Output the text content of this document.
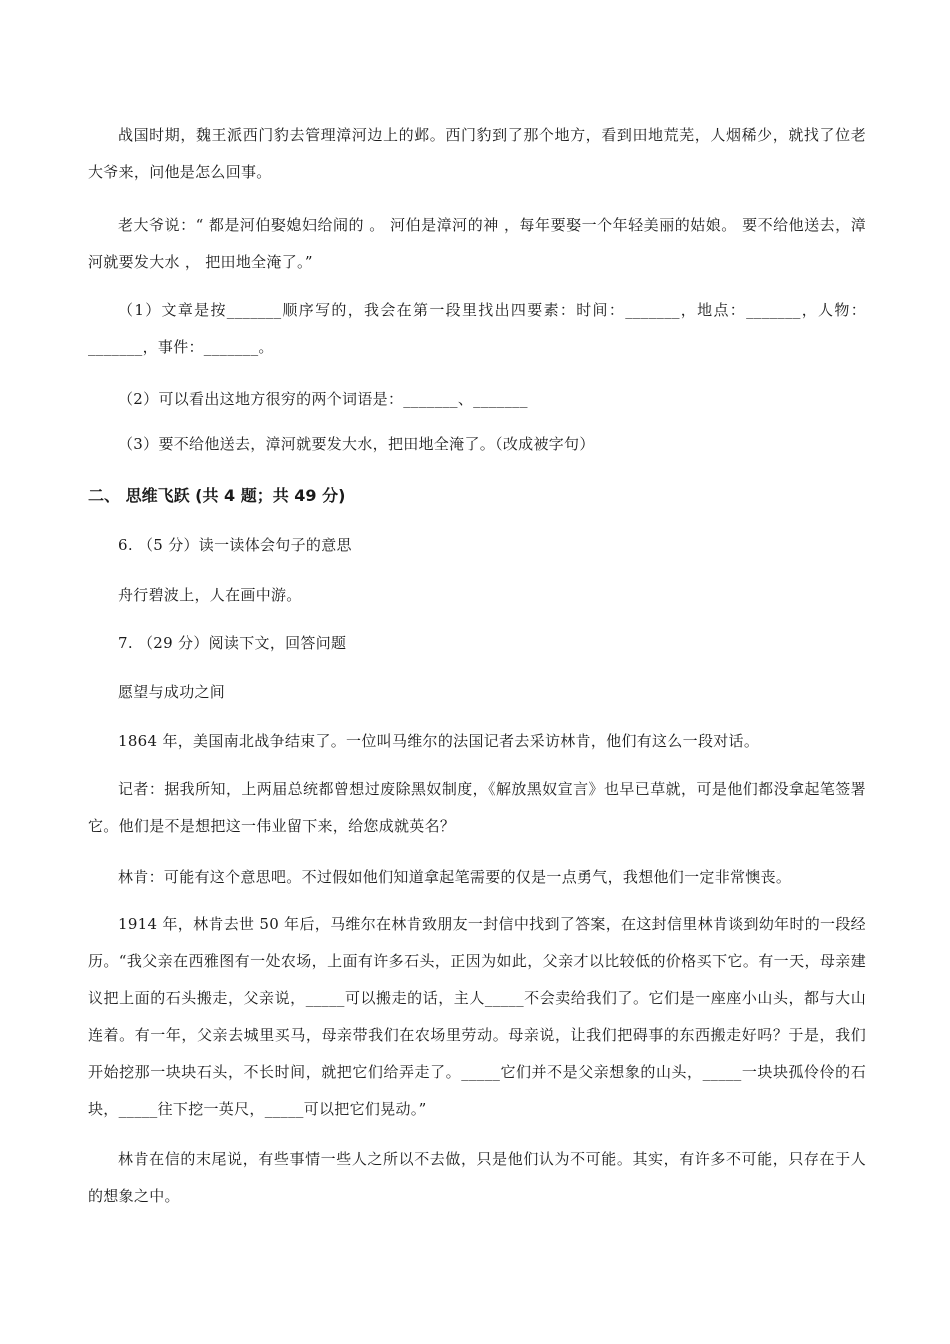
战国时期，魏王派西门豹去管理漳河边上的邺。西门豹到了那个地方，看到田地荒芜，人烟稀少，就找了位老大爷来，问他是怎么回事。

老大爷说：“ 都是河伯娶媳妇给闹的 。 河伯是漳河的神 ，每年要娶一个年轻美丽的姑娘。 要不给他送去，漳河就要发大水 ， 把田地全淹了。”

（1）文章是按_______顺序写的，我会在第一段里找出四要素：时间：_______，地点：_______，人物：_______，事件：_______。

（2）可以看出这地方很穷的两个词语是：_______、_______

（3）要不给他送去，漳河就要发大水，把田地全淹了。（改成被字句）

二、 思维飞跃 (共 4 题；共 49 分)

6. （5 分）读一读体会句子的意思

舟行碧波上，人在画中游。

7. （29 分）阅读下文，回答问题

愿望与成功之间

1864 年，美国南北战争结束了。一位叫马维尔的法国记者去采访林肯，他们有这么一段对话。

记者：据我所知，上两届总统都曾想过废除黑奴制度，《解放黑奴宣言》也早已草就，可是他们都没拿起笔签署它。他们是不是想把这一伟业留下来，给您成就英名？

林肯：可能有这个意思吧。不过假如他们知道拿起笔需要的仅是一点勇气，我想他们一定非常懊丧。

1914 年，林肯去世 50 年后，马维尔在林肯致朋友一封信中找到了答案，在这封信里林肯谈到幼年时的一段经历。“我父亲在西雅图有一处农场，上面有许多石头，正因为如此，父亲才以比较低的价格买下它。有一天，母亲建议把上面的石头搬走，父亲说，_____可以搬走的话，主人_____不会卖给我们了。它们是一座座小山头，都与大山连着。有一年，父亲去城里买马，母亲带我们在农场里劳动。母亲说，让我们把碍事的东西搬走好吗？于是，我们开始挖那一块块石头，不长时间，就把它们给弄走了。_____它们并不是父亲想象的山头，_____一块块孤伶伶的石块，_____往下挖一英尺，_____可以把它们晃动。”

林肯在信的末尾说，有些事情一些人之所以不去做，只是他们认为不可能。其实，有许多不可能，只存在于人的想象之中。
